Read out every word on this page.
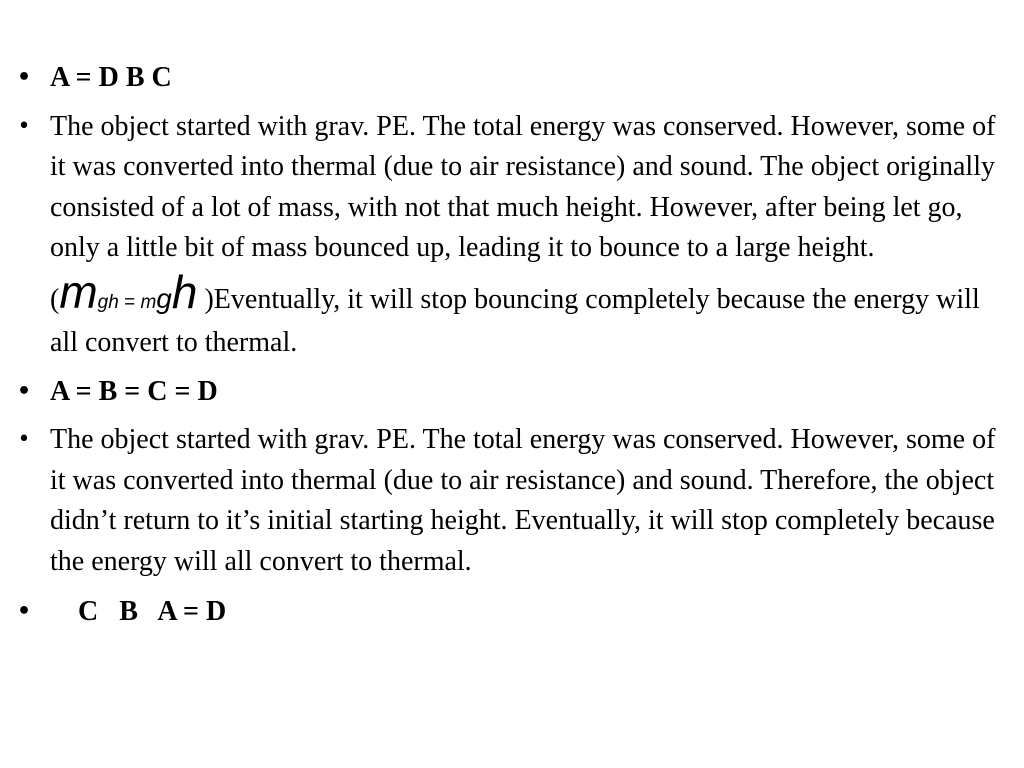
• A = D B C
• The object started with grav. PE. The total energy was conserved. However, some of it was converted into thermal (due to air resistance) and sound. The object originally consisted of a lot of mass, with not that much height. However, after being let go, only a little bit of mass bounced up, leading it to bounce to a large height. (mgh = mgh )Eventually, it will stop bouncing completely because the energy will all convert to thermal.
• A = B = C = D
• The object started with grav. PE. The total energy was conserved. However, some of it was converted into thermal (due to air resistance) and sound. Therefore, the object didn’t return to it’s initial starting height. Eventually, it will stop completely because the energy will all convert to thermal.
• C   B   A = D
